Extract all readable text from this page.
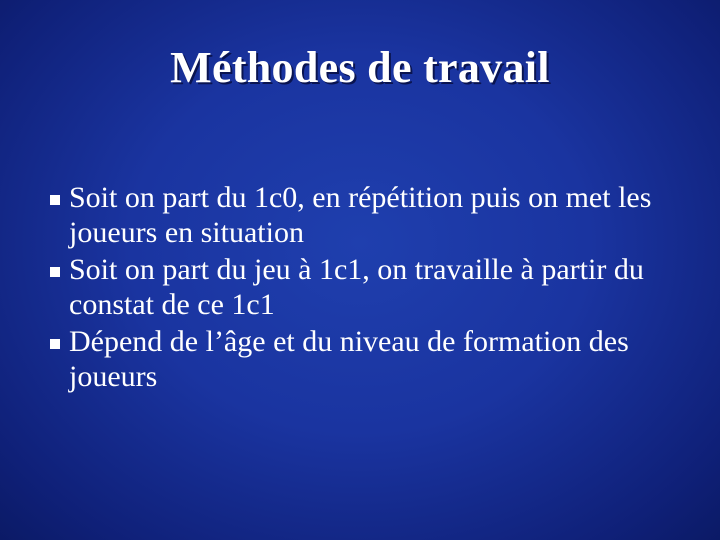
Méthodes de travail
Soit on part du 1c0, en répétition puis on met les joueurs en situation
Soit on part du jeu à 1c1, on travaille à partir du constat de ce 1c1
Dépend de l’âge et du niveau de formation des joueurs
